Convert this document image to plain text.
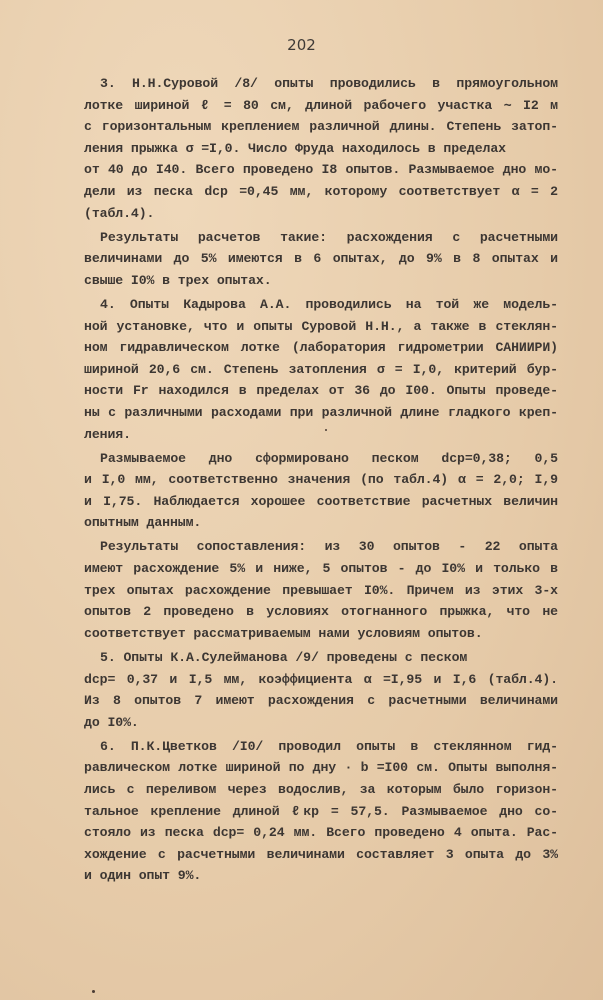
202
3. Н.Н.Суровой /8/ опыты проводились в прямоугольном
лотке шириной ℓ = 80 см, длиной рабочего участка ∼ I2 м
с горизонтальным креплением различной длины. Степень затоп-
ления прыжка σ =I,0. Число Фруда находилось в пределах
от 40 до I40. Всего проведено I8 опытов. Размываемое дно мо-
дели из песка dср =0,45 мм, которому соответствует α = 2
(табл.4).
Результаты расчетов такие: расхождения с расчетными
величинами до 5% имеются в 6 опытах, до 9% в 8 опытах и
свыше I0% в трех опытах.
4. Опыты Кадырова А.А. проводились на той же модель-
ной установке, что и опыты Суровой Н.Н., а также в стеклян-
ном гидравлическом лотке (лаборатория гидрометрии САНИИРИ)
шириной 20,6 см. Степень затопления σ = I,0, критерий бур-
ности Fr находился в пределах от 36 до I00. Опыты проведе-
ны с различными расходами при различной длине гладкого креп-
ления.
Размываемое дно сформировано песком dср=0,38; 0,5
и I,0 мм, соответственно значения (по табл.4) α = 2,0; I,9
и I,75. Наблюдается хорошее соответствие расчетных величин
опытным данным.
Результаты сопоставления: из 30 опытов - 22 опыта
имеют расхождение 5% и ниже, 5 опытов - до I0% и только в
трех опытах расхождение превышает I0%. Причем из этих 3-х
опытов 2 проведено в условиях отогнанного прыжка, что не
соответствует рассматриваемым нами условиям опытов.
5. Опыты К.А.Сулейманова /9/ проведены с песком
dср= 0,37 и I,5 мм, коэффициента α =I,95 и I,6 (табл.4).
Из 8 опытов 7 имеют расхождения с расчетными величинами
до I0%.
6. П.К.Цветков /I0/ проводил опыты в стеклянном гид-
равлическом лотке шириной по дну · b =I00 см. Опыты выполня-
лись с переливом через водослив, за которым было горизон-
тальное крепление длиной ℓкр = 57,5. Размываемое дно со-
стояло из песка dср= 0,24 мм. Всего проведено 4 опыта. Рас-
хождение с расчетными величинами составляет 3 опыта до 3%
и один опыт 9%.
